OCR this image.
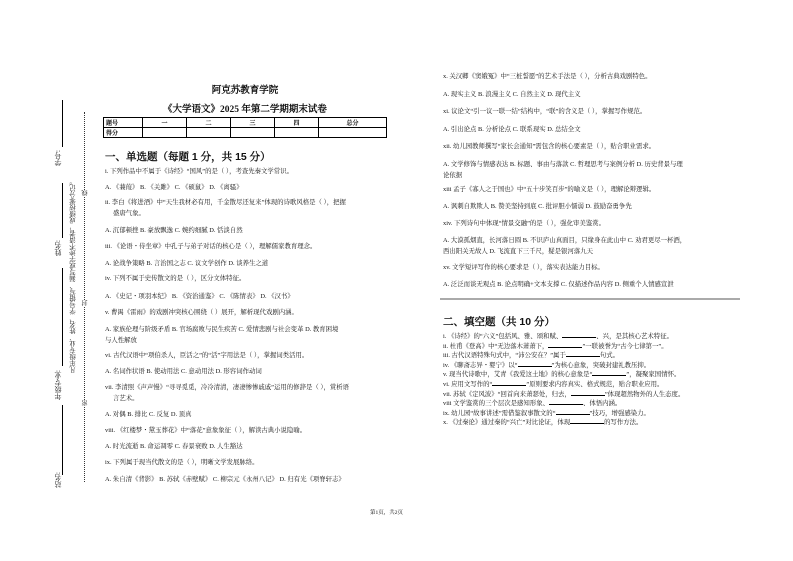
学号:
姓名:
年级专业:
站名:
凡年级专业、姓名、学号错写、漏写或字迹不清者，成绩按零分记。	线
封
密
阿克苏教育学院
《大学语文》2025 年第二学期期末试卷
题号	一	二	三	四	总分
得分					
一、单选题（每题 1 分，共 15 分）
i. 下列作品中不属于《诗经》“国风”的是（ ），考查先秦文学常识。
A. 《蒹葭》 B. 《关雎》 C. 《硕鼠》 D. 《离骚》
ii. 李白《将进酒》中“天生我材必有用，千金散尽还复来”体现的诗歌风格是（ ），把握
盛唐气象。
A. 沉郁顿挫 B. 豪放飘逸 C. 婉约细腻 D. 恬淡自然
iii. 《论语・侍坐章》中孔子与弟子对话的核心是（ ），理解儒家教育理念。
A. 论战争策略 B. 言治国之志 C. 议文学创作 D. 谈养生之道
iv. 下列不属于史传散文的是（ ），区分文体特征。
A. 《史记・项羽本纪》 B. 《资治通鉴》 C. 《陈情表》 D. 《汉书》
v. 曹禺《雷雨》的戏剧冲突核心围绕（ ）展开，解析现代戏剧内涵。
A. 家族伦理与阶级矛盾 B. 官场腐败与民生疾苦 C. 爱情悲剧与社会变革 D. 教育困境
与人性解放
vi. 古代汉语中“项伯杀人，臣活之”的“活”字用法是（ ），掌握词类活用。
A. 名词作状语 B. 使动用法 C. 意动用法 D. 形容词作动词
vii. 李清照《声声慢》“寻寻觅觅，冷冷清清，凄凄惨惨戚戚”运用的修辞是（ ），赏析语
言艺术。
A. 对偶 B. 排比 C. 反复 D. 顶真
viii. 《红楼梦・黛玉葬花》中“落花”意象象征（ ），解读古典小说隐喻。
A. 时光流逝 B. 命运凋零 C. 春景衰败 D. 人生豁达
ix. 下列属于现当代散文的是（ ），明晰文学发展脉络。
A. 朱自清《背影》 B. 苏轼《赤壁赋》 C. 柳宗元《永州八记》 D. 归有光《项脊轩志》
x. 关汉卿《窦娥冤》中“三桩誓愿”的艺术手法是（ ），分析古典戏剧特色。
A. 现实主义 B. 浪漫主义 C. 自然主义 D. 现代主义
xi. 议论文“引一议一联一结”结构中，“联”的含义是（ ），掌握写作规范。
A. 引出论点 B. 分析论点 C. 联系现实 D. 总结全文
xii. 幼儿园教师撰写“家长会通知”需包含的核心要素是（ ），贴合职业需求。
A. 文学修饰与情感表达 B. 标题、事由与落款 C. 哲理思考与案例分析 D. 历史背景与理
论依据
xiii 孟子《寡人之于国也》中“五十步笑百步”的喻义是（ ），理解论辩逻辑。
A. 讽刺自欺欺人 B. 赞美坚持到底 C. 批评胆小懦弱 D. 鼓励奋勇争先
xiv. 下列诗句中体现“情景交融”的是（ ），强化审美鉴赏。
A. 大漠孤烟直，长河落日圆 B. 不识庐山真面目，只缘身在此山中 C. 劝君更尽一杯酒，
西出阳关无故人 D. 飞流直下三千尺，疑是银河落九天
xv. 文学短评写作的核心要求是（ ），落实表达能力目标。
A. 泛泛而谈无观点 B. 论点明确+文本支撑 C. 仅描述作品内容 D. 侧重个人情感宣泄
二、填空题（共 10 分）
i. 《诗经》的“六义”包括风、雅、颂和赋、	、兴，是其核心艺术特征。
ii. 杜甫《登高》中“无边落木萧萧下，	”一联被誉为“古今七律第一”。
iii. 古代汉语特殊句式中，“沛公安在？”属于	句式。
iv. 《聊斋志异・婴宁》以“	”为核心意象，突破封建礼教压抑。
v. 现当代诗歌中，艾青《我爱这土地》的核心意象是“	”，凝聚家国情怀。
vi. 应用文写作的“	”原则要求内容真实、格式规范，贴合职业应用。
vii. 苏轼《定风波》“回首向来萧瑟处，归去，	”体现超然物外的人生态度。
viii 文学鉴赏的三个层次是感知形象、	、体悟内涵。
ix. 幼儿园“故事讲述”需借鉴叙事散文的“	”技巧，增强感染力。
x. 《过秦论》通过秦的“兴亡”对比论证，体现	的写作方法。
第1页，共2页
